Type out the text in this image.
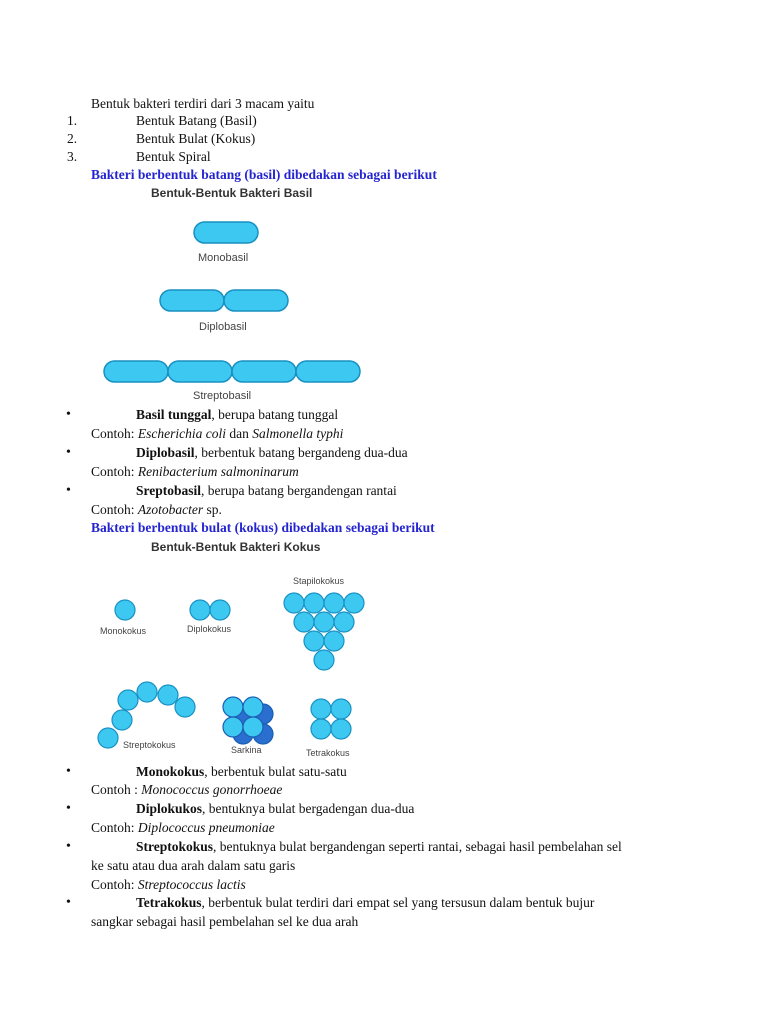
Bentuk bakteri terdiri dari 3 macam yaitu
1.	Bentuk Batang (Basil)
2.	Bentuk Bulat (Kokus)
3.	Bentuk Spiral
Bakteri berbentuk batang (basil) dibedakan sebagai berikut
Bentuk-Bentuk Bakteri Basil
Monobasil
Diplobasil
Streptobasil
•	Basil tunggal, berupa batang tunggal
Contoh: Escherichia coli dan Salmonella typhi
•	Diplobasil, berbentuk batang bergandeng dua-dua
Contoh: Renibacterium salmoninarum
•	Sreptobasil, berupa batang bergandengan rantai
Contoh: Azotobacter sp.
Bakteri berbentuk bulat (kokus) dibedakan sebagai berikut
Bentuk-Bentuk Bakteri Kokus
Monokokus	Diplokokus
Stapilokokus
Streptokokus	Sarkina	Tetrakokus
•	Monokokus, berbentuk bulat satu-satu
Contoh : Monococcus gonorrhoeae
•	Diplokukos, bentuknya bulat bergadengan dua-dua
Contoh: Diplococcus pneumoniae
•	Streptokokus, bentuknya bulat bergandengan seperti rantai, sebagai hasil pembelahan sel
ke satu atau dua arah dalam satu garis
Contoh: Streptococcus lactis
•	Tetrakokus, berbentuk bulat terdiri dari empat sel yang tersusun dalam bentuk bujur
sangkar sebagai hasil pembelahan sel ke dua arah
